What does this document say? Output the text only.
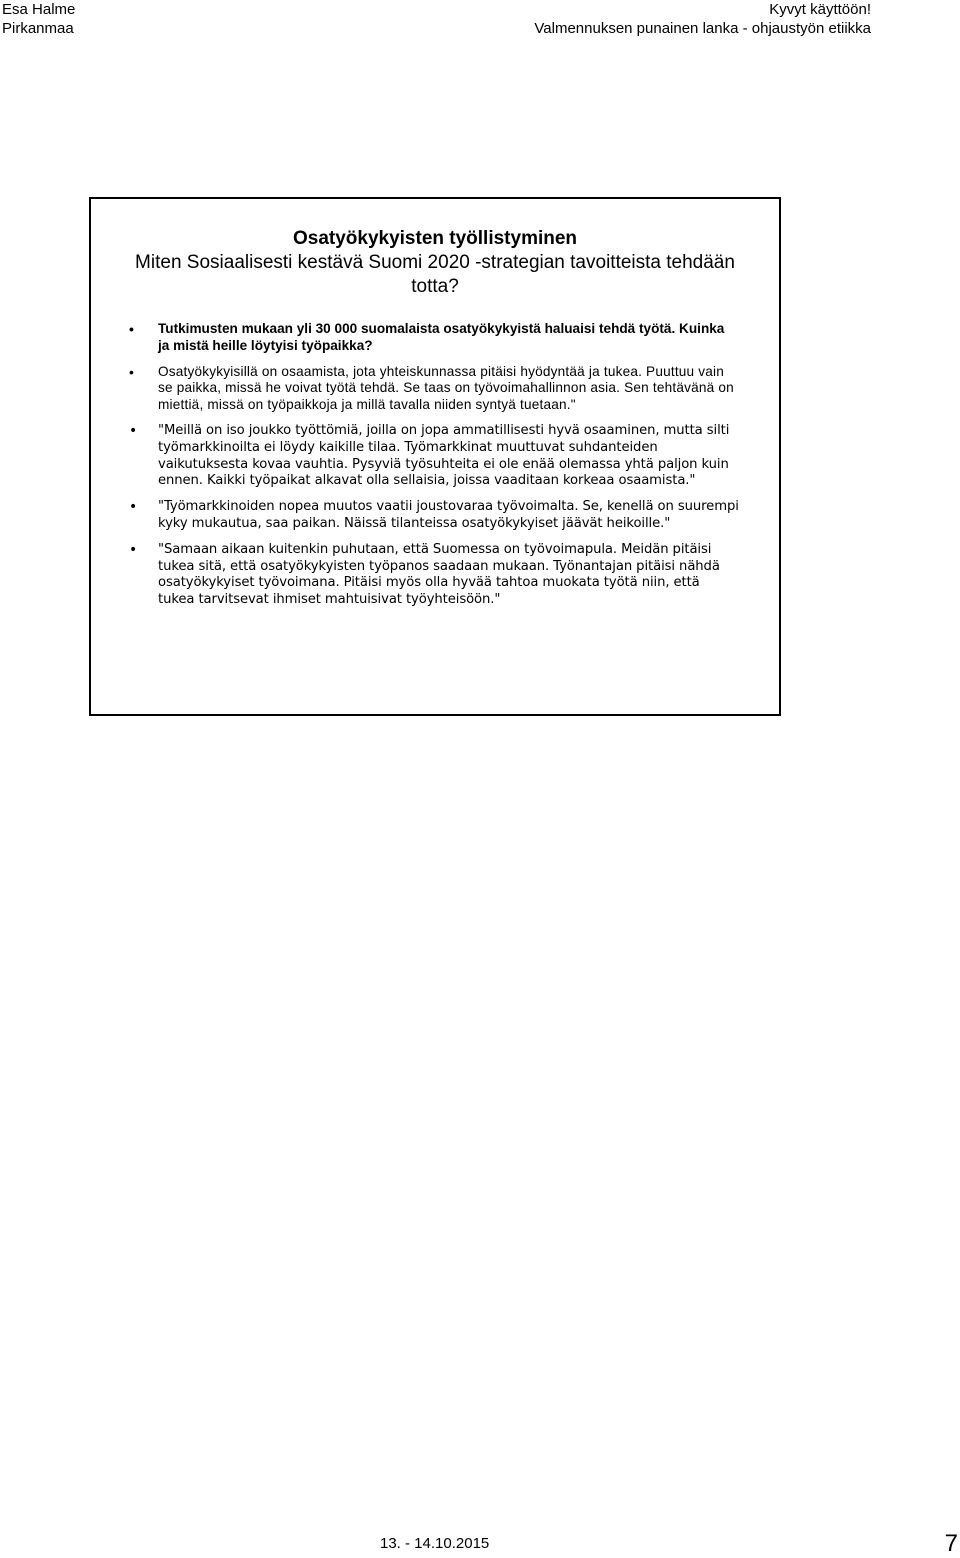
Esa Halme
Pirkanmaa
Kyvyt käyttöön!
Valmennuksen punainen lanka - ohjaustyön etiikka
Osatyökykyisten työllistyminen
Miten Sosiaalisesti kestävä Suomi 2020 -strategian tavoitteista tehdään totta?
• Tutkimusten mukaan yli 30 000 suomalaista osatyökykyistä haluaisi tehdä työtä. Kuinka ja mistä heille löytyisi työpaikka?
• Osatyökykyisillä on osaamista, jota yhteiskunnassa pitäisi hyödyntää ja tukea. Puuttuu vain se paikka, missä he voivat työtä tehdä. Se taas on työvoimahallinnon asia. Sen tehtävänä on miettiä, missä on työpaikkoja ja millä tavalla niiden syntyä tuetaan."
• "Meillä on iso joukko työttömiä, joilla on jopa ammatillisesti hyvä osaaminen, mutta silti työmarkkinoilta ei löydy kaikille tilaa. Työmarkkinat muuttuvat suhdanteiden vaikutuksesta kovaa vauhtia. Pysyviä työsuhteita ei ole enää olemassa yhtä paljon kuin ennen. Kaikki työpaikat alkavat olla sellaisia, joissa vaaditaan korkeaa osaamista."
• "Työmarkkinoiden nopea muutos vaatii joustovaraa työvoimalta. Se, kenellä on suurempi kyky mukautua, saa paikan. Näissä tilanteissa osatyökykyiset jäävät heikoille."
• "Samaan aikaan kuitenkin puhutaan, että Suomessa on työvoimapula. Meidän pitäisi tukea sitä, että osatyökykyisten työpanos saadaan mukaan. Työnantajan pitäisi nähdä osatyökykyiset työvoimana. Pitäisi myös olla hyvää tahtoa muokata työtä niin, että tukea tarvitsevat ihmiset mahtuisivat työyhteisöön."
13. - 14.10.2015	7
